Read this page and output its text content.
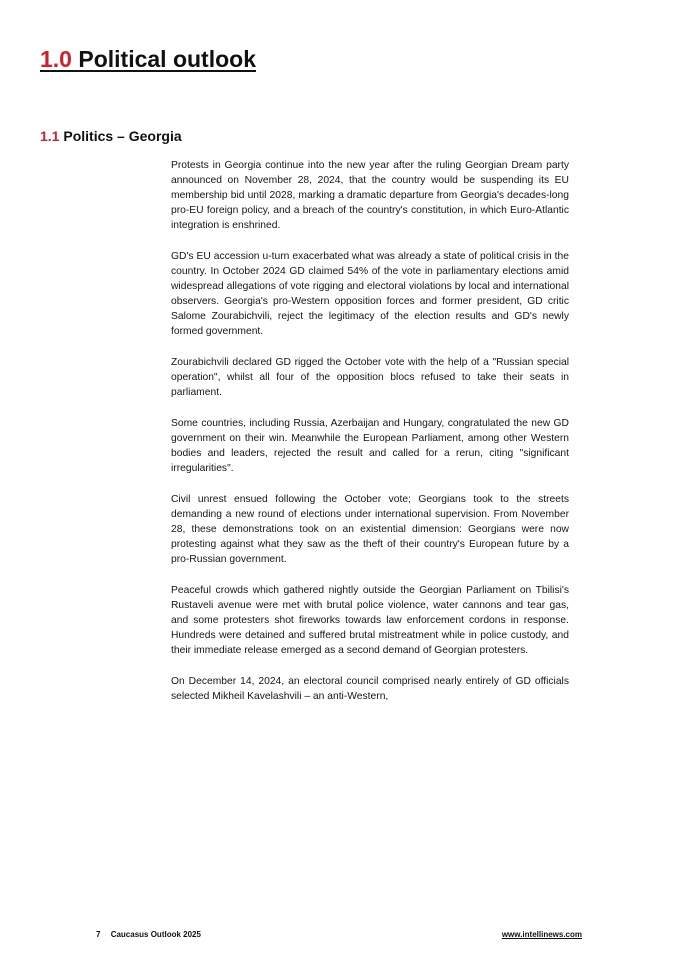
1.0 Political outlook
1.1 Politics – Georgia

Protests in Georgia continue into the new year after the ruling Georgian Dream party announced on November 28, 2024, that the country would be suspending its EU membership bid until 2028, marking a dramatic departure from Georgia's decades-long pro-EU foreign policy, and a breach of the country's constitution, in which Euro-Atlantic integration is enshrined.

GD's EU accession u-turn exacerbated what was already a state of political crisis in the country. In October 2024 GD claimed 54% of the vote in parliamentary elections amid widespread allegations of vote rigging and electoral violations by local and international observers. Georgia's pro-Western opposition forces and former president, GD critic Salome Zourabichvili, reject the legitimacy of the election results and GD's newly formed government.

Zourabichvili declared GD rigged the October vote with the help of a "Russian special operation", whilst all four of the opposition blocs refused to take their seats in parliament.

Some countries, including Russia, Azerbaijan and Hungary, congratulated the new GD government on their win. Meanwhile the European Parliament, among other Western bodies and leaders, rejected the result and called for a rerun, citing "significant irregularities".

Civil unrest ensued following the October vote; Georgians took to the streets demanding a new round of elections under international supervision. From November 28, these demonstrations took on an existential dimension: Georgians were now protesting against what they saw as the theft of their country's European future by a pro-Russian government.

Peaceful crowds which gathered nightly outside the Georgian Parliament on Tbilisi's Rustaveli avenue were met with brutal police violence, water cannons and tear gas, and some protesters shot fireworks towards law enforcement cordons in response. Hundreds were detained and suffered brutal mistreatment while in police custody, and their immediate release emerged as a second demand of Georgian protesters.

On December 14, 2024, an electoral council comprised nearly entirely of GD officials selected Mikheil Kavelashvili – an anti-Western,

7 Caucasus Outlook 2025	www.intellinews.com
